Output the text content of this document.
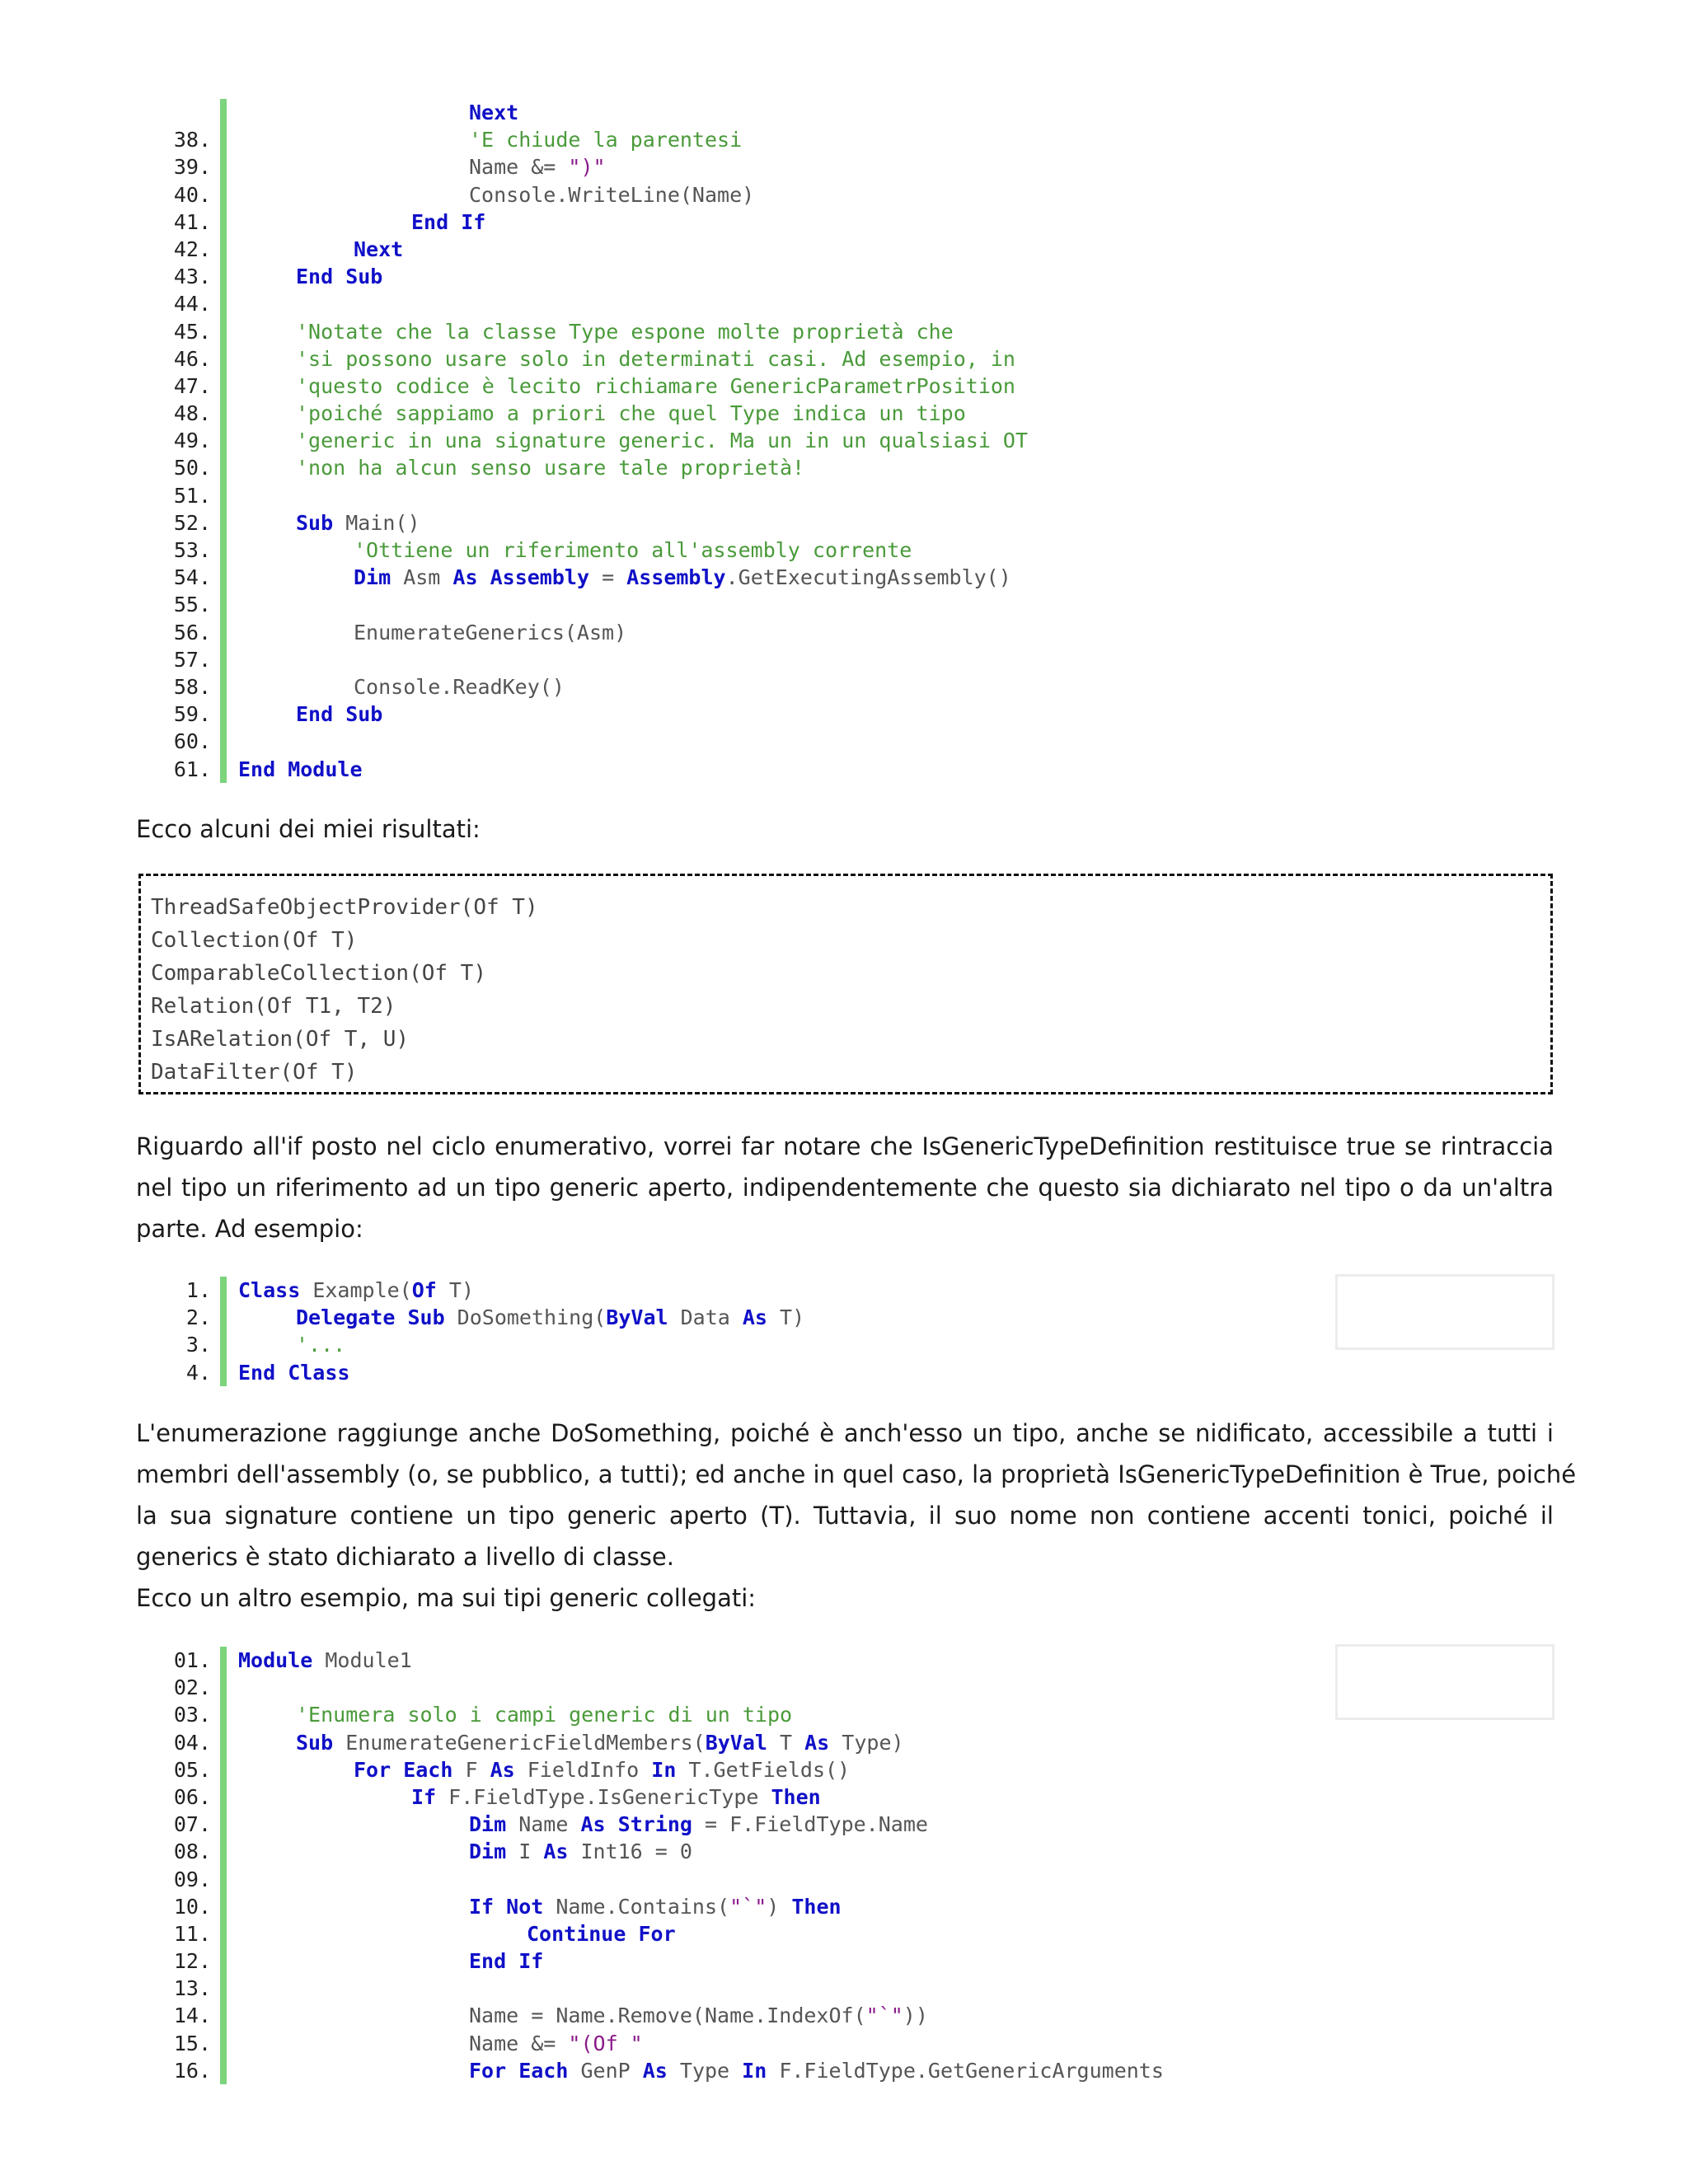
Next
38.	'E chiude la parentesi
39.	Name &= ")"
40.	Console.WriteLine(Name)
41.	End If
42.	Next
43.	End Sub
44.
45.	'Notate che la classe Type espone molte proprietà che
46.	'si possono usare solo in determinati casi. Ad esempio, in
47.	'questo codice è lecito richiamare GenericParametrPosition
48.	'poiché sappiamo a priori che quel Type indica un tipo
49.	'generic in una signature generic. Ma un in un qualsiasi OT
50.	'non ha alcun senso usare tale proprietà!
51.
52.	Sub Main()
53.	'Ottiene un riferimento all'assembly corrente
54.	Dim Asm As Assembly = Assembly.GetExecutingAssembly()
55.
56.	EnumerateGenerics(Asm)
57.
58.	Console.ReadKey()
59.	End Sub
60.
61. End Module
Ecco alcuni dei miei risultati:
ThreadSafeObjectProvider(Of T)
Collection(Of T)
ComparableCollection(Of T)
Relation(Of T1, T2)
IsARelation(Of T, U)
DataFilter(Of T)
Riguardo all'if posto nel ciclo enumerativo, vorrei far notare che IsGenericTypeDefinition restituisce true se rintraccia
nel tipo un riferimento ad un tipo generic aperto, indipendentemente che questo sia dichiarato nel tipo o da un'altra
parte. Ad esempio:
1. Class Example(Of T)
2.	Delegate Sub DoSomething(ByVal Data As T)
3.	'...
4. End Class
L'enumerazione raggiunge anche DoSomething, poiché è anch'esso un tipo, anche se nidificato, accessibile a tutti i
membri dell'assembly (o, se pubblico, a tutti); ed anche in quel caso, la proprietà IsGenericTypeDefinition è True, poiché
la sua signature contiene un tipo generic aperto (T). Tuttavia, il suo nome non contiene accenti tonici, poiché il
generics è stato dichiarato a livello di classe.
Ecco un altro esempio, ma sui tipi generic collegati:
01. Module Module1
02.
03.	'Enumera solo i campi generic di un tipo
04.	Sub EnumerateGenericFieldMembers(ByVal T As Type)
05.	For Each F As FieldInfo In T.GetFields()
06.	If F.FieldType.IsGenericType Then
07.	Dim Name As String = F.FieldType.Name
08.	Dim I As Int16 = 0
09.
10.	If Not Name.Contains("`") Then
11.	Continue For
12.	End If
13.
14.	Name = Name.Remove(Name.IndexOf("`"))
15.	Name &= "(Of "
16.	For Each GenP As Type In F.FieldType.GetGenericArguments
